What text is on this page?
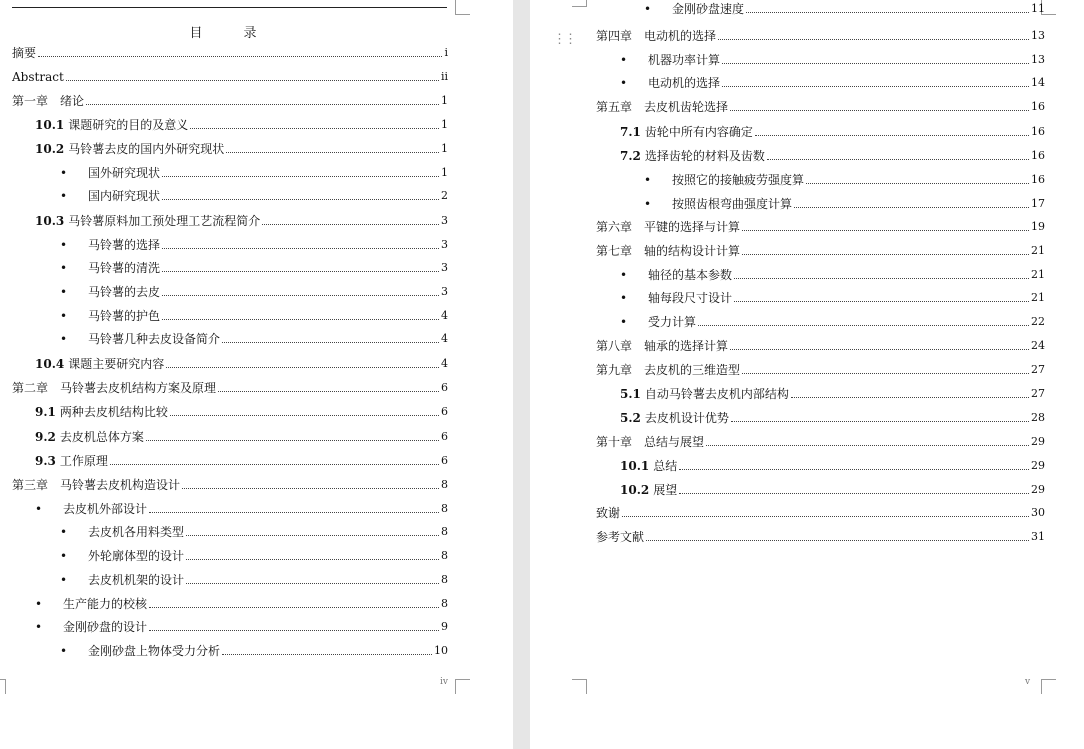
目　录
摘要	i
Abstract	ii
第一章　绪论	1
10.1 课题研究的目的及意义	1
10.2 马铃薯去皮的国内外研究现状	1
•	国外研究现状	1
•	国内研究现状	2
10.3 马铃薯原料加工预处理工艺流程简介	3
•	马铃薯的选择	3
•	马铃薯的清洗	3
•	马铃薯的去皮	3
•	马铃薯的护色	4
•	马铃薯几种去皮设备简介	4
10.4 课题主要研究内容	4
第二章　马铃薯去皮机结构方案及原理	6
9.1 两种去皮机结构比较	6
9.2 去皮机总体方案	6
9.3 工作原理	6
第三章　马铃薯去皮机构造设计	8
•	去皮机外部设计	8
•	去皮机各用料类型	8
•	外轮廓体型的设计	8
•	去皮机机架的设计	8
•	生产能力的校核	8
•	金刚砂盘的设计	9
•	金刚砂盘上物体受力分析	10
iv
•	金刚砂盘速度	11
第四章　电动机的选择	13
•	机器功率计算	13
•	电动机的选择	14
第五章　去皮机齿轮选择	16
7.1 齿轮中所有内容确定	16
7.2 选择齿轮的材料及齿数	16
•	按照它的接触疲劳强度算	16
•	按照齿根弯曲强度计算	17
第六章　平键的选择与计算	19
第七章　轴的结构设计计算	21
•	轴径的基本参数	21
•	轴每段尺寸设计	21
•	受力计算	22
第八章　轴承的选择计算	24
第九章　去皮机的三维造型	27
5.1 自动马铃薯去皮机内部结构	27
5.2 去皮机设计优势	28
第十章　总结与展望	29
10.1 总结	29
10.2 展望	29
致谢	30
参考文献	31
v
⋮⋮
